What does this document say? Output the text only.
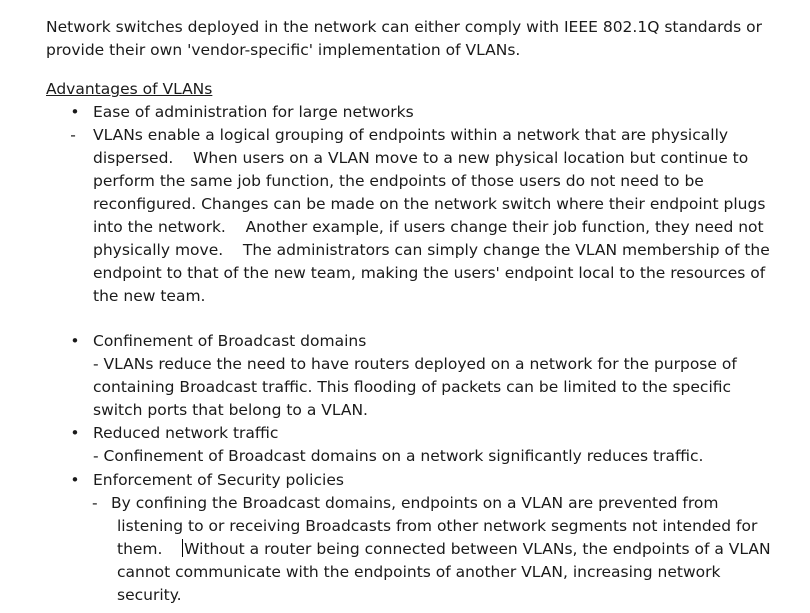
Network switches deployed in the network can either comply with IEEE 802.1Q standards or
provide their own 'vendor-specific' implementation of VLANs.

Advantages of VLANs

• Ease of administration for large networks
- VLANs enable a logical grouping of endpoints within a network that are physically
dispersed.    When users on a VLAN move to a new physical location but continue to
perform the same job function, the endpoints of those users do not need to be
reconfigured. Changes can be made on the network switch where their endpoint plugs
into the network.    Another example, if users change their job function, they need not
physically move.    The administrators can simply change the VLAN membership of the
endpoint to that of the new team, making the users' endpoint local to the resources of
the new team.
• Confinement of Broadcast domains
- VLANs reduce the need to have routers deployed on a network for the purpose of
containing Broadcast traffic. This flooding of packets can be limited to the specific
switch ports that belong to a VLAN.
• Reduced network traffic
- Confinement of Broadcast domains on a network significantly reduces traffic.
• Enforcement of Security policies
- By confining the Broadcast domains, endpoints on a VLAN are prevented from
listening to or receiving Broadcasts from other network segments not intended for
them.    Without a router being connected between VLANs, the endpoints of a VLAN
cannot communicate with the endpoints of another VLAN, increasing network
security.
